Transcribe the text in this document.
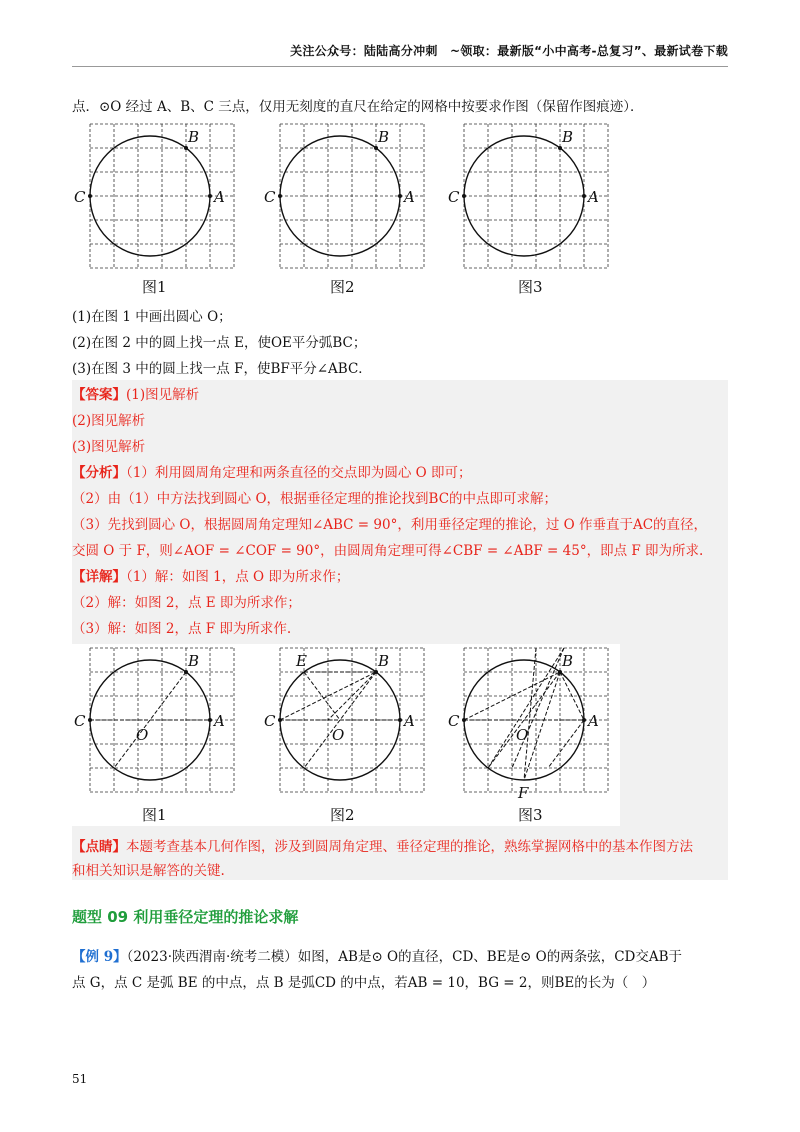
关注公众号：陆陆高分冲刺　~领取：最新版“小中高考-总复习”、最新试卷下载
点．⊙O 经过 A、B、C 三点，仅用无刻度的直尺在给定的网格中按要求作图（保留作图痕迹）．
A
C
B
A
C
B
A
C
B
图1	图2	图3
(1)在图 1 中画出圆心 O；
(2)在图 2 中的圆上找一点 E，使OE平分弧BC；
(3)在图 3 中的圆上找一点 F，使BF平分∠ABC．
【答案】(1)图见解析
(2)图见解析
(3)图见解析
【分析】（1）利用圆周角定理和两条直径的交点即为圆心 O 即可；
（2）由（1）中方法找到圆心 O，根据垂径定理的推论找到BC的中点即可求解；
（3）先找到圆心 O，根据圆周角定理知∠ABC = 90°，利用垂径定理的推论，过 O 作垂直于AC的直径，
交圆 O 于 F，则∠AOF = ∠COF = 90°，由圆周角定理可得∠CBF = ∠ABF = 45°，即点 F 即为所求.
【详解】（1）解：如图 1，点 O 即为所求作；
（2）解：如图 2，点 E 即为所求作；
（3）解：如图 2，点 F 即为所求作.
A
C
B
O
A
C
B
O
E
A
C
B
O
F
图1	图2	图3
【点睛】本题考查基本几何作图，涉及到圆周角定理、垂径定理的推论，熟练掌握网格中的基本作图方法
和相关知识是解答的关键.
题型 09 利用垂径定理的推论求解
【例 9】（2023·陕西渭南·统考二模）如图，AB是⊙ O的直径，CD、BE是⊙ O的两条弦，CD交AB于
点 G，点 C 是弧 BE 的中点，点 B 是弧CD 的中点，若AB = 10，BG = 2，则BE的长为（　）
51
